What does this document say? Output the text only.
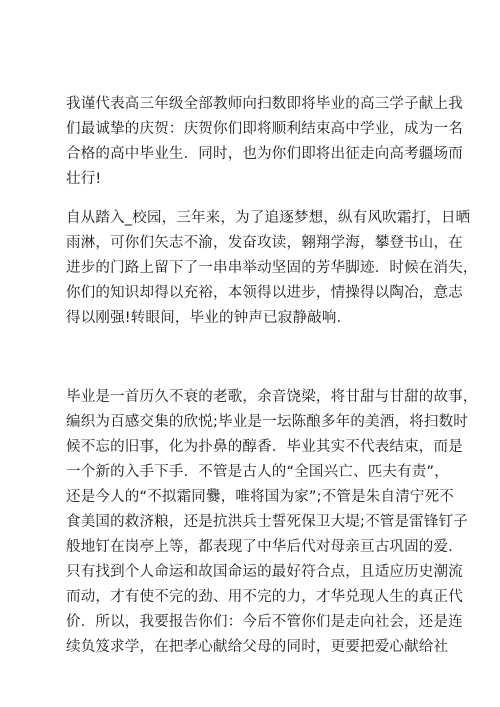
我谨代表高三年级全部教师向扫数即将毕业的高三学子献上我
们最诚挚的庆贺：庆贺你们即将顺利结束高中学业，成为一名
合格的高中毕业生．同时，也为你们即将出征走向高考疆场而
壮行!
自从踏入_校园，三年来，为了追逐梦想，纵有风吹霜打，日晒
雨淋，可你们矢志不渝，发奋攻读，翱翔学海，攀登书山，在
进步的门路上留下了一串串举动坚固的芳华脚迹．时候在消失，
你们的知识却得以充裕，本领得以进步，情操得以陶冶，意志
得以刚强!转眼间，毕业的钟声已寂静敲响．
毕业是一首历久不衰的老歌，余音饶梁，将甘甜与甘甜的故事，
编织为百感交集的欣悦;毕业是一坛陈酿多年的美酒，将扫数时
候不忘的旧事，化为扑鼻的醇香．毕业其实不代表结束，而是
一个新的入手下手．不管是古人的“全国兴亡、匹夫有责”，
还是今人的“不拟霜同爨，唯将国为家”;不管是朱自清宁死不
食美国的救济粮，还是抗洪兵士誓死保卫大堤;不管是雷锋钉子
般地钉在岗亭上等，都表现了中华后代对母亲亘古巩固的爱．
只有找到个人命运和故国命运的最好符合点，且适应历史潮流
而动，才有使不完的劲、用不完的力，才华兑现人生的真正代
价．所以，我要报告你们：今后不管你们是走向社会，还是连
续负笈求学，在把孝心献给父母的同时，更要把爱心献给社
